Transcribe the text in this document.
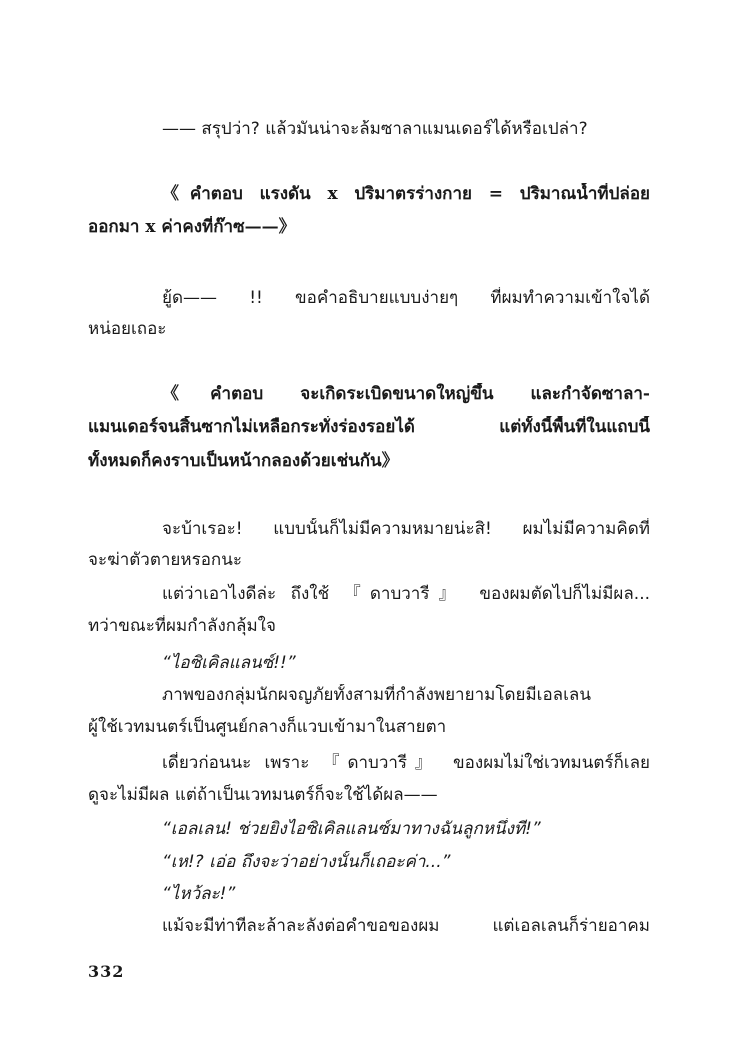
—— สรุปว่า? แล้วมันน่าจะล้มซาลาแมนเดอร์ได้หรือเปล่า?
《คำตอบ แรงดัน x ปริมาตรร่างกาย = ปริมาณน้ำที่ปล่อย
ออกมา x ค่าคงที่ก๊าซ——》
ยู้ด—— !! ขอคำอธิบายแบบง่ายๆ ที่ผมทำความเข้าใจได้
หน่อยเถอะ
《คำตอบ จะเกิดระเบิดขนาดใหญ่ขึ้น และกำจัดซาลา-
แมนเดอร์จนสิ้นซากไม่เหลือกระทั่งร่องรอยได้ แต่ทั้งนี้พื้นที่ในแถบนี้
ทั้งหมดก็คงราบเป็นหน้ากลองด้วยเช่นกัน》
จะบ้าเรอะ! แบบนั้นก็ไม่มีความหมายน่ะสิ! ผมไม่มีความคิดที่
จะฆ่าตัวตายหรอกนะ
แต่ว่าเอาไงดีล่ะ ถึงใช้ 『ดาบวารี』 ของผมตัดไปก็ไม่มีผล...
ทว่าขณะที่ผมกำลังกลุ้มใจ
“ไอซิเคิลแลนซ์!!”
ภาพของกลุ่มนักผจญภัยทั้งสามที่กำลังพยายามโดยมีเอลเลน
ผู้ใช้เวทมนตร์เป็นศูนย์กลางก็แวบเข้ามาในสายตา
เดี๋ยวก่อนนะ เพราะ 『ดาบวารี』 ของผมไม่ใช่เวทมนตร์ก็เลย
ดูจะไม่มีผล แต่ถ้าเป็นเวทมนตร์ก็จะใช้ได้ผล——
“เอลเลน! ช่วยยิงไอซิเคิลแลนซ์มาทางฉันลูกหนึ่งที!”
“เห!? เอ่อ ถึงจะว่าอย่างนั้นก็เถอะค่า...”
“ไหว้ละ!”
แม้จะมีท่าทีละล้าละลังต่อคำขอของผม แต่เอลเลนก็ร่ายอาคม
332
